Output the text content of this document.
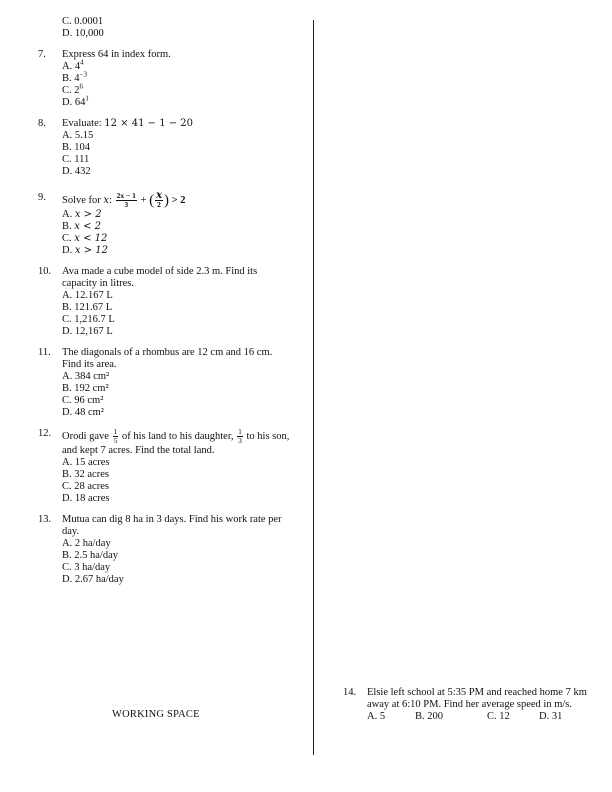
C. 0.0001
D. 10,000
7.	Express 64 in index form.
A. $4^4$
B. $4^{-3}$
C. $2^6$
D. $64^1$
8.	Evaluate: 12 × 41 − 1 − 20
A. 5.15
B. 104
C. 111
D. 432
9.	Solve for x: $\frac{2x - 1}{3}$ + ( $\frac{x}{2}$ ) > 2
A. x > 2
B. x < 2
C. x < 12
D. x > 12
10.	Ava made a cube model of side 2.3 m. Find its capacity in litres.
A. 12.167 L
B. 121.67 L
C. 1,216.7 L
D. 12,167 L
11.	The diagonals of a rhombus are 12 cm and 16 cm. Find its area.
A. 384 cm²
B. 192 cm²
C. 96 cm²
D. 48 cm²
12.	Orodi gave $\frac{1}{5}$ of his land to his daughter, $\frac{1}{3}$ to his son, and kept 7 acres. Find the total land.
A. 15 acres
B. 32 acres
C. 28 acres
D. 18 acres
13.	Mutua can dig 8 ha in 3 days. Find his work rate per day.
A. 2 ha/day
B. 2.5 ha/day
C. 3 ha/day
D. 2.67 ha/day
WORKING SPACE
14.	Elsie left school at 5:35 PM and reached home 7 km away at 6:10 PM. Find her average speed in m/s.
A. 5	B. 200	C. 12	D. 31
